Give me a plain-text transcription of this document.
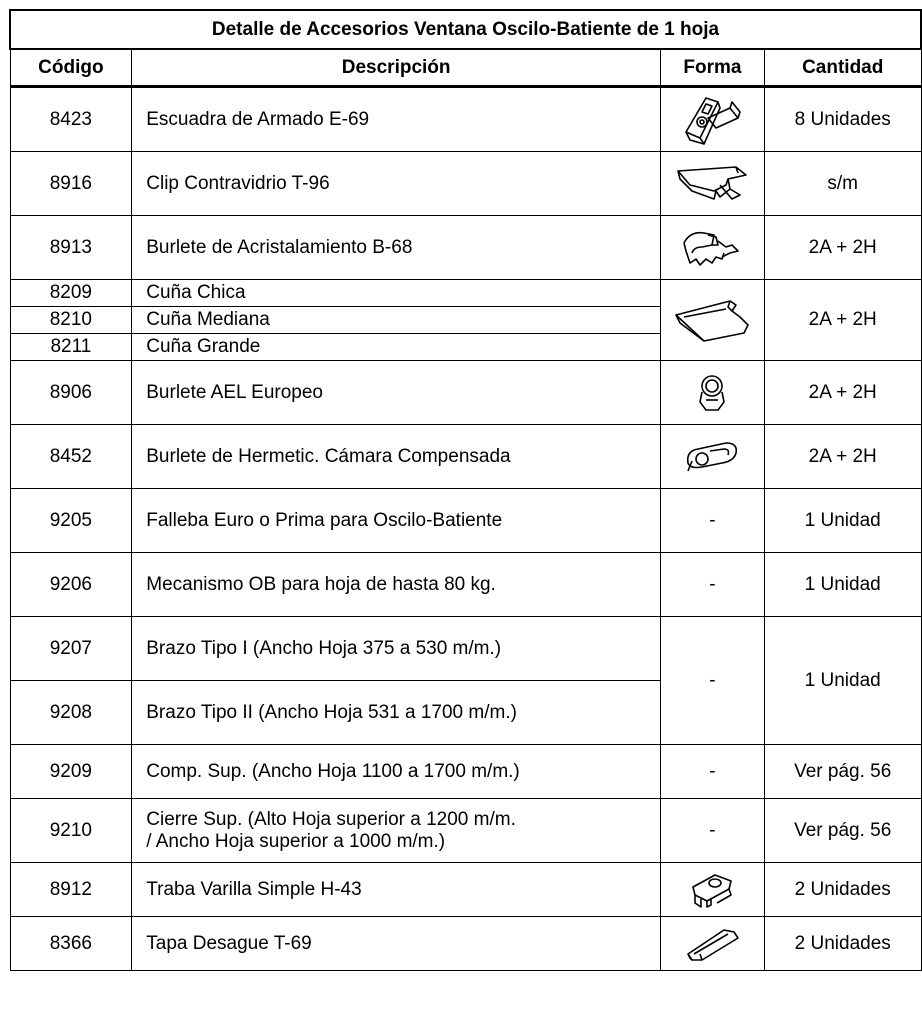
Detalle de Accesorios Ventana Oscilo-Batiente de 1 hoja			
Código	Descripción	Forma	Cantidad
8423	Escuadra de Armado E-69		8 Unidades
8916	Clip Contravidrio T-96		s/m
8913	Burlete de Acristalamiento B-68		2A + 2H
8209	Cuña Chica		2A + 2H
8210	Cuña Mediana		
8211	Cuña Grande		
8906	Burlete AEL Europeo		2A + 2H
8452	Burlete de Hermetic. Cámara Compensada		2A + 2H
9205	Falleba Euro o Prima para Oscilo-Batiente	-	1 Unidad
9206	Mecanismo OB para hoja de hasta 80 kg.	-	1 Unidad
9207	Brazo Tipo I (Ancho Hoja 375 a 530 m/m.)	-	1 Unidad
9208	Brazo Tipo II (Ancho Hoja 531 a 1700 m/m.)		
9209	Comp. Sup. (Ancho Hoja 1100 a 1700 m/m.)	-	Ver pág. 56
9210	Cierre Sup. (Alto Hoja superior a 1200 m/m.
/ Ancho Hoja superior a 1000 m/m.)	-	Ver pág. 56
8912	Traba Varilla Simple H-43		2 Unidades
8366	Tapa Desague T-69		2 Unidades
